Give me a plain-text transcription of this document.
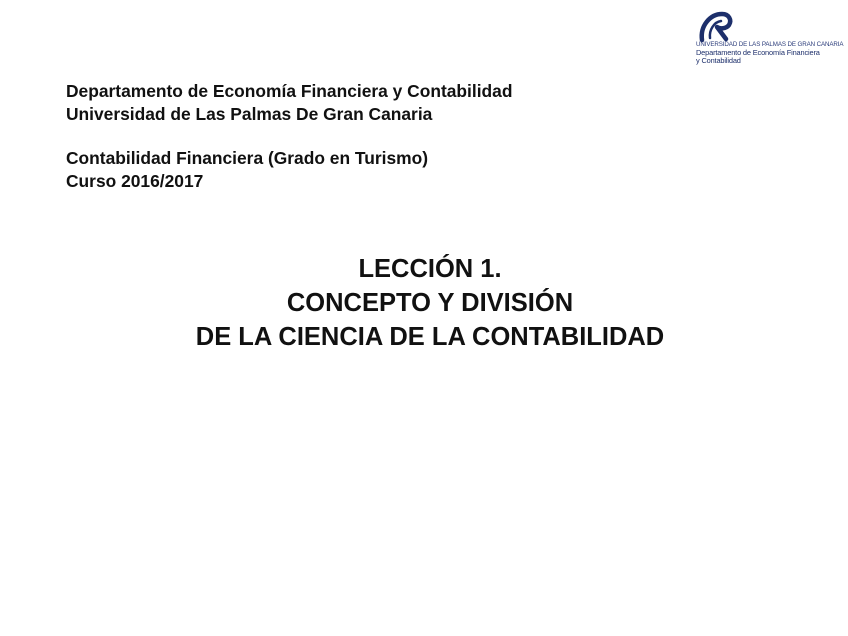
UNIVERSIDAD DE LAS PALMAS DE GRAN CANARIA
Departamento de Economía Financiera
y Contabilidad
Departamento de Economía Financiera y Contabilidad
Universidad de Las Palmas De Gran Canaria
Contabilidad Financiera (Grado en Turismo)
Curso 2016/2017
LECCIÓN 1.
CONCEPTO Y DIVISIÓN
DE LA CIENCIA DE LA CONTABILIDAD
